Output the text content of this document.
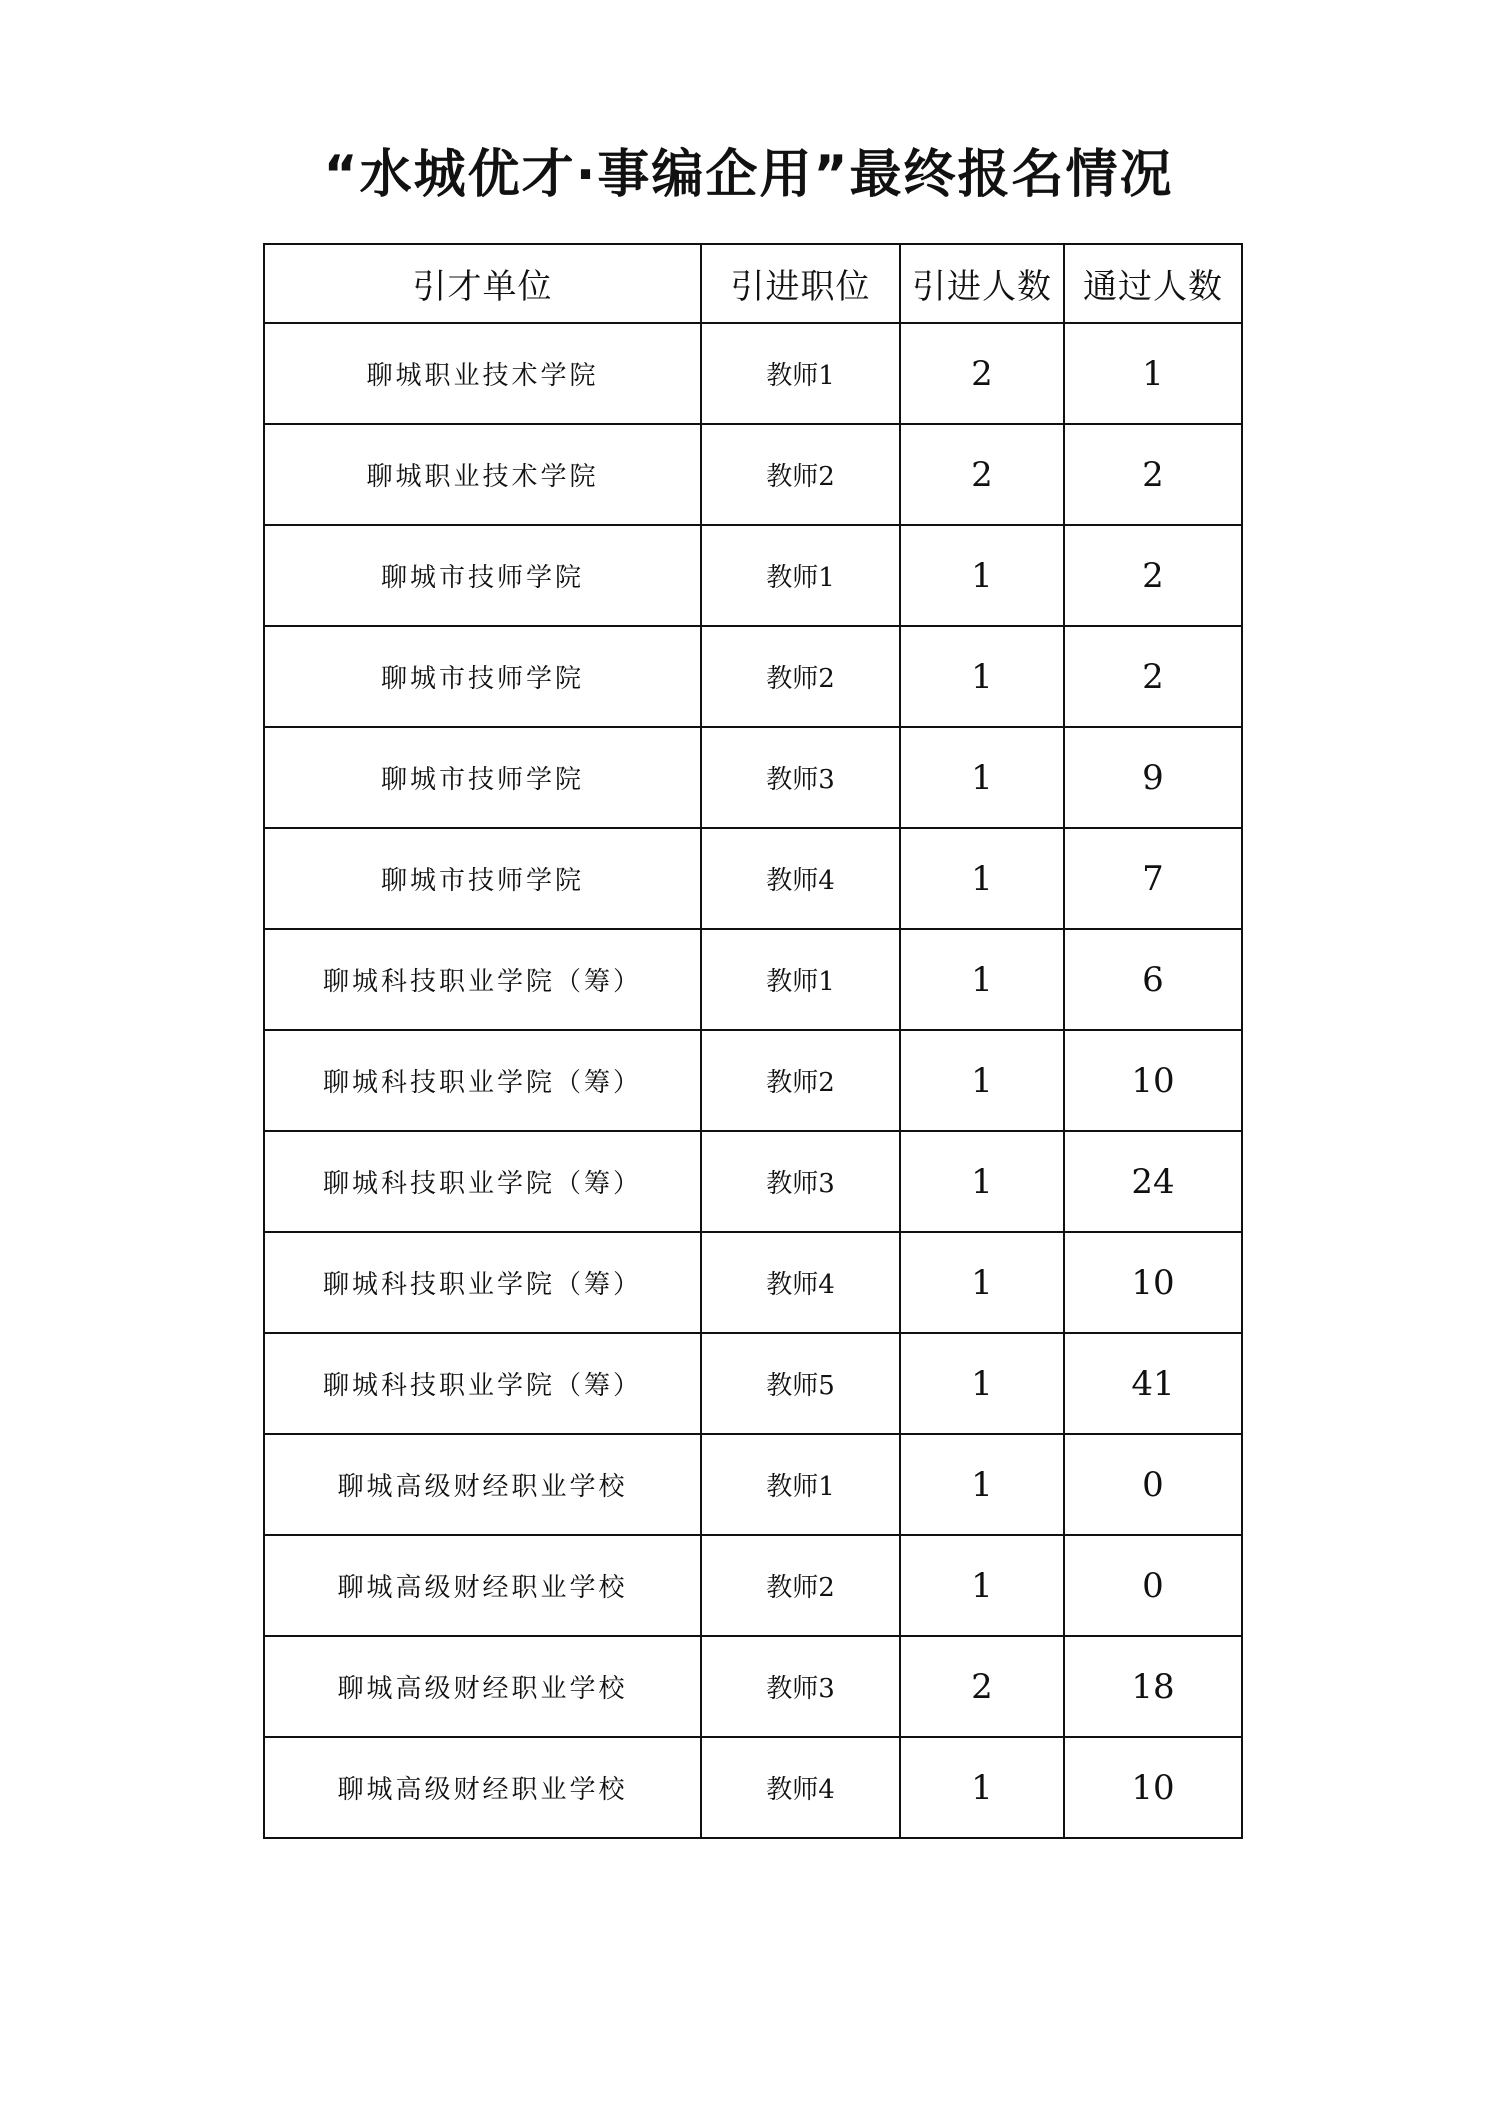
“水城优才·事编企用”最终报名情况
引才单位	引进职位	引进人数	通过人数
聊城职业技术学院	教师1	2	1
聊城职业技术学院	教师2	2	2
聊城市技师学院	教师1	1	2
聊城市技师学院	教师2	1	2
聊城市技师学院	教师3	1	9
聊城市技师学院	教师4	1	7
聊城科技职业学院（筹）	教师1	1	6
聊城科技职业学院（筹）	教师2	1	10
聊城科技职业学院（筹）	教师3	1	24
聊城科技职业学院（筹）	教师4	1	10
聊城科技职业学院（筹）	教师5	1	41
聊城高级财经职业学校	教师1	1	0
聊城高级财经职业学校	教师2	1	0
聊城高级财经职业学校	教师3	2	18
聊城高级财经职业学校	教师4	1	10
